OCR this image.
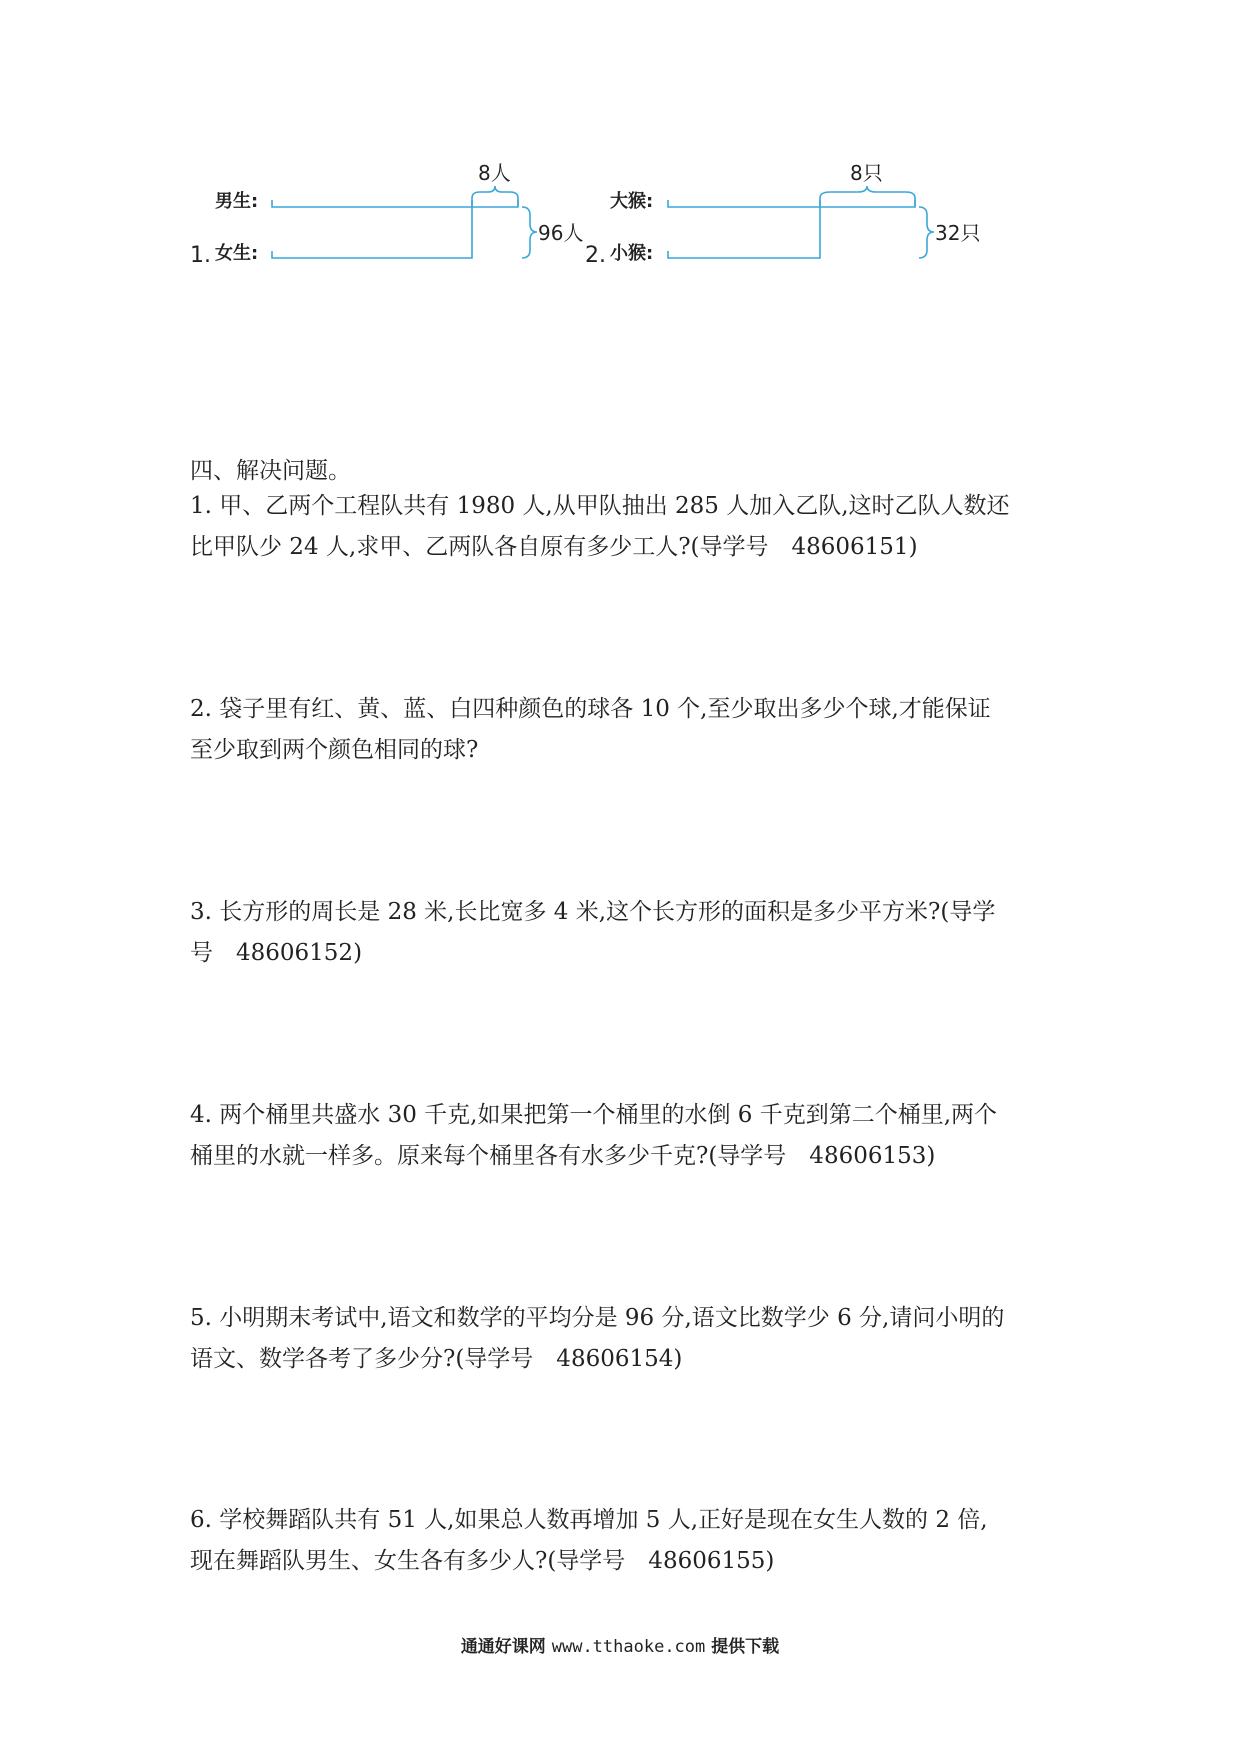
男生:
1. 女生:
8人
96人
大猴:
2. 小猴:
8只
32只
四、解决问题。
1. 甲、乙两个工程队共有 1980 人,从甲队抽出 285 人加入乙队,这时乙队人数还
比甲队少 24 人,求甲、乙两队各自原有多少工人?(导学号　48606151)
2. 袋子里有红、黄、蓝、白四种颜色的球各 10 个,至少取出多少个球,才能保证
至少取到两个颜色相同的球?
3. 长方形的周长是 28 米,长比宽多 4 米,这个长方形的面积是多少平方米?(导学
号　48606152)
4. 两个桶里共盛水 30 千克,如果把第一个桶里的水倒 6 千克到第二个桶里,两个
桶里的水就一样多。原来每个桶里各有水多少千克?(导学号　48606153)
5. 小明期末考试中,语文和数学的平均分是 96 分,语文比数学少 6 分,请问小明的
语文、数学各考了多少分?(导学号　48606154)
6. 学校舞蹈队共有 51 人,如果总人数再增加 5 人,正好是现在女生人数的 2 倍,
现在舞蹈队男生、女生各有多少人?(导学号　48606155)
通通好课网 www.tthaoke.com 提供下载
